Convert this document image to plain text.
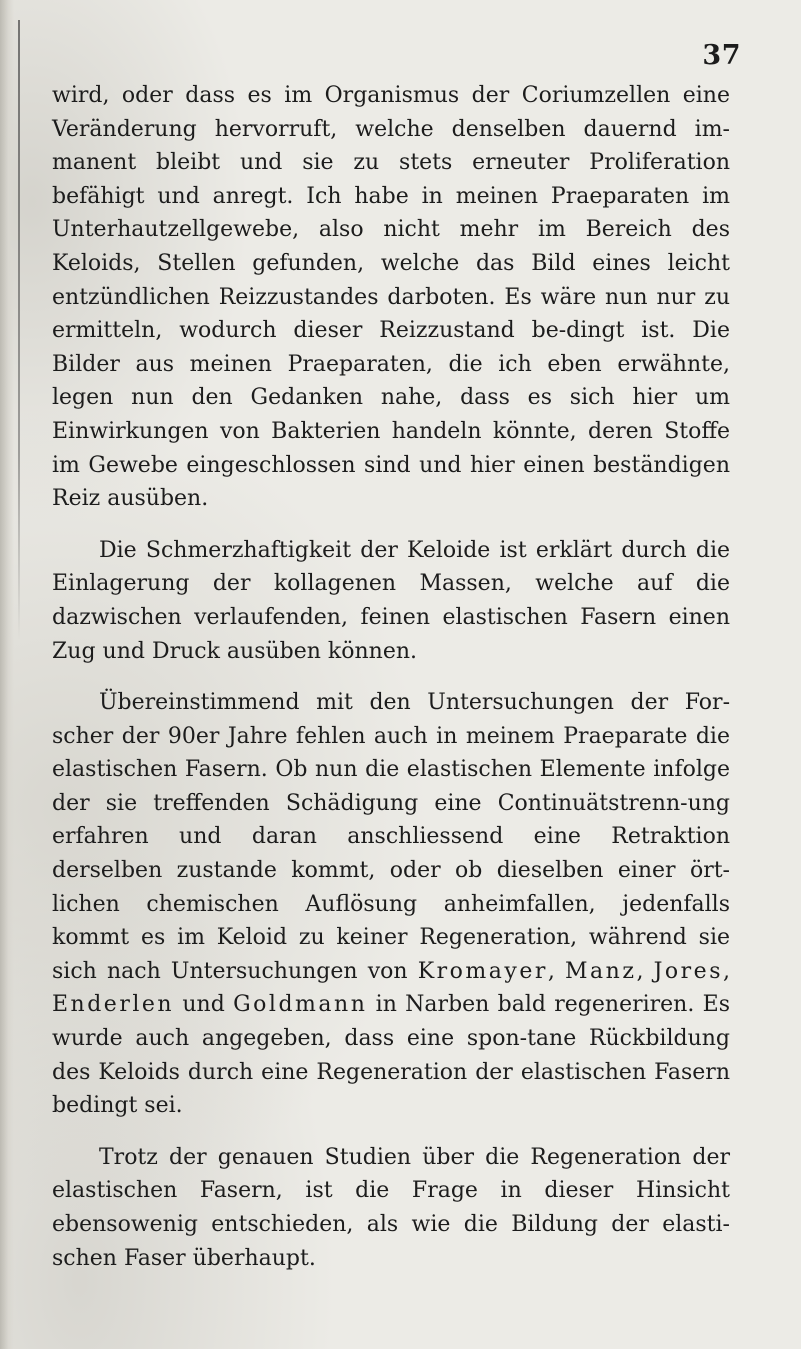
37

wird, oder dass es im Organismus der Coriumzellen eine Veränderung hervorruft, welche denselben dauernd im-manent bleibt und sie zu stets erneuter Proliferation befähigt und anregt. Ich habe in meinen Praeparaten im Unterhautzellgewebe, also nicht mehr im Bereich des Keloids, Stellen gefunden, welche das Bild eines leicht entzündlichen Reizzustandes darboten. Es wäre nun nur zu ermitteln, wodurch dieser Reizzustand be-dingt ist. Die Bilder aus meinen Praeparaten, die ich eben erwähnte, legen nun den Gedanken nahe, dass es sich hier um Einwirkungen von Bakterien handeln könnte, deren Stoffe im Gewebe eingeschlossen sind und hier einen beständigen Reiz ausüben.

Die Schmerzhaftigkeit der Keloide ist erklärt durch die Einlagerung der kollagenen Massen, welche auf die dazwischen verlaufenden, feinen elastischen Fasern einen Zug und Druck ausüben können.

Übereinstimmend mit den Untersuchungen der For-scher der 90er Jahre fehlen auch in meinem Praeparate die elastischen Fasern. Ob nun die elastischen Elemente infolge der sie treffenden Schädigung eine Continuätstrenn-ung erfahren und daran anschliessend eine Retraktion derselben zustande kommt, oder ob dieselben einer ört-lichen chemischen Auflösung anheimfallen, jedenfalls kommt es im Keloid zu keiner Regeneration, während sie sich nach Untersuchungen von Kromayer, Manz, Jores, Enderlen und Goldmann in Narben bald regeneriren. Es wurde auch angegeben, dass eine spon-tane Rückbildung des Keloids durch eine Regeneration der elastischen Fasern bedingt sei.

Trotz der genauen Studien über die Regeneration der elastischen Fasern, ist die Frage in dieser Hinsicht ebensowenig entschieden, als wie die Bildung der elasti-schen Faser überhaupt.
